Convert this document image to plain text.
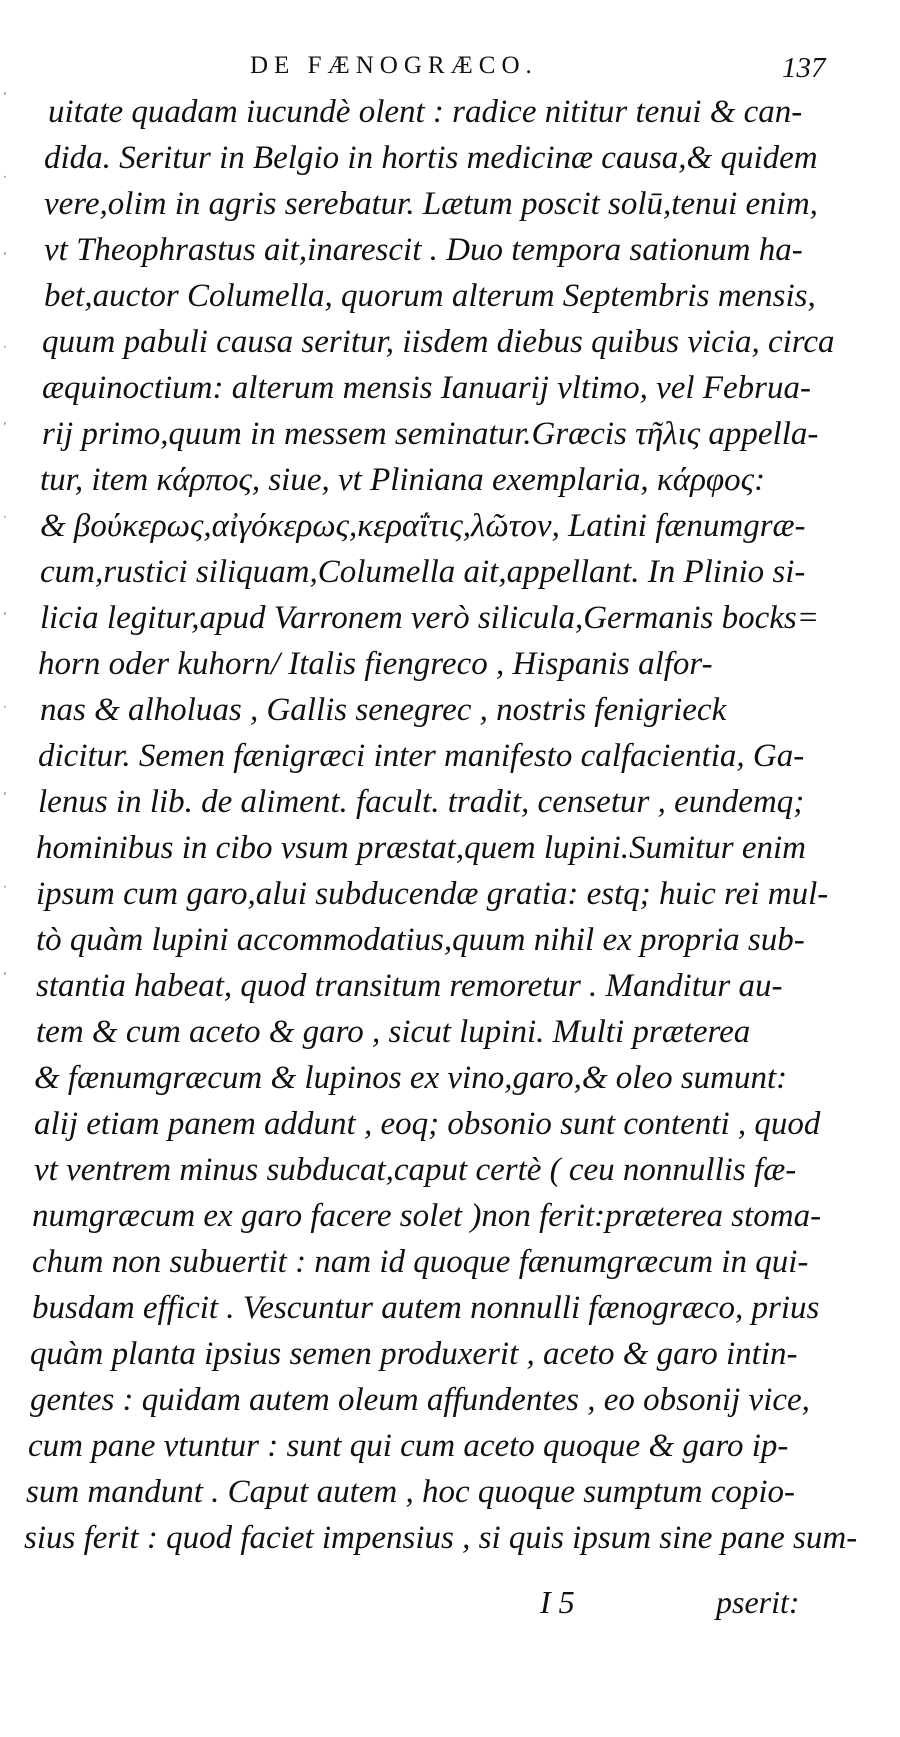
DE FÆNOGRÆCO.	137
ʼ
·
ʼ
·
ʼ
·
ʼ
·
ʼ
·
ʼ
uitate quadam iucundè olent : radice nititur tenui & can-
dida. Seritur in Belgio in hortis medicinæ causa,& quidem
vere,olim in agris serebatur. Lætum poscit solū,tenui enim,
vt Theophrastus ait,inarescit . Duo tempora sationum ha-
bet,auctor Columella, quorum alterum Septembris mensis,
quum pabuli causa seritur, iisdem diebus quibus vicia, circa
æquinoctium: alterum mensis Ianuarij vltimo, vel Februa-
rij primo,quum in messem seminatur.Græcis τῆλις appella-
tur, item κάρπος, siue, vt Pliniana exemplaria, κάρφος:
& βούκερως,αἰγόκερως,κεραΐτις,λῶτον, Latini fænumgræ-
cum,rustici siliquam,Columella ait,appellant. In Plinio si-
licia legitur,apud Varronem verò silicula,Germanis bocks=
horn oder kuhorn/ Italis fiengreco , Hispanis alfor-
nas & alholuas , Gallis senegrec , nostris fenigrieck
dicitur. Semen fænigræci inter manifesto calfacientia, Ga-
lenus in lib. de aliment. facult. tradit, censetur , eundemq;
hominibus in cibo vsum præstat,quem lupini.Sumitur enim
ipsum cum garo,alui subducendæ gratia: estq; huic rei mul-
tò quàm lupini accommodatius,quum nihil ex propria sub-
stantia habeat, quod transitum remoretur . Manditur au-
tem & cum aceto & garo , sicut lupini. Multi præterea
& fænumgræcum & lupinos ex vino,garo,& oleo sumunt:
alij etiam panem addunt , eoq; obsonio sunt contenti , quod
vt ventrem minus subducat,caput certè ( ceu nonnullis fæ-
numgræcum ex garo facere solet )non ferit:præterea stoma-
chum non subuertit : nam id quoque fænumgræcum in qui-
busdam efficit . Vescuntur autem nonnulli fænogræco, prius
quàm planta ipsius semen produxerit , aceto & garo intin-
gentes : quidam autem oleum affundentes , eo obsonij vice,
cum pane vtuntur : sunt qui cum aceto quoque & garo ip-
sum mandunt . Caput autem , hoc quoque sumptum copio-
sius ferit : quod faciet impensius , si quis ipsum sine pane sum-
I 5	pserit:
